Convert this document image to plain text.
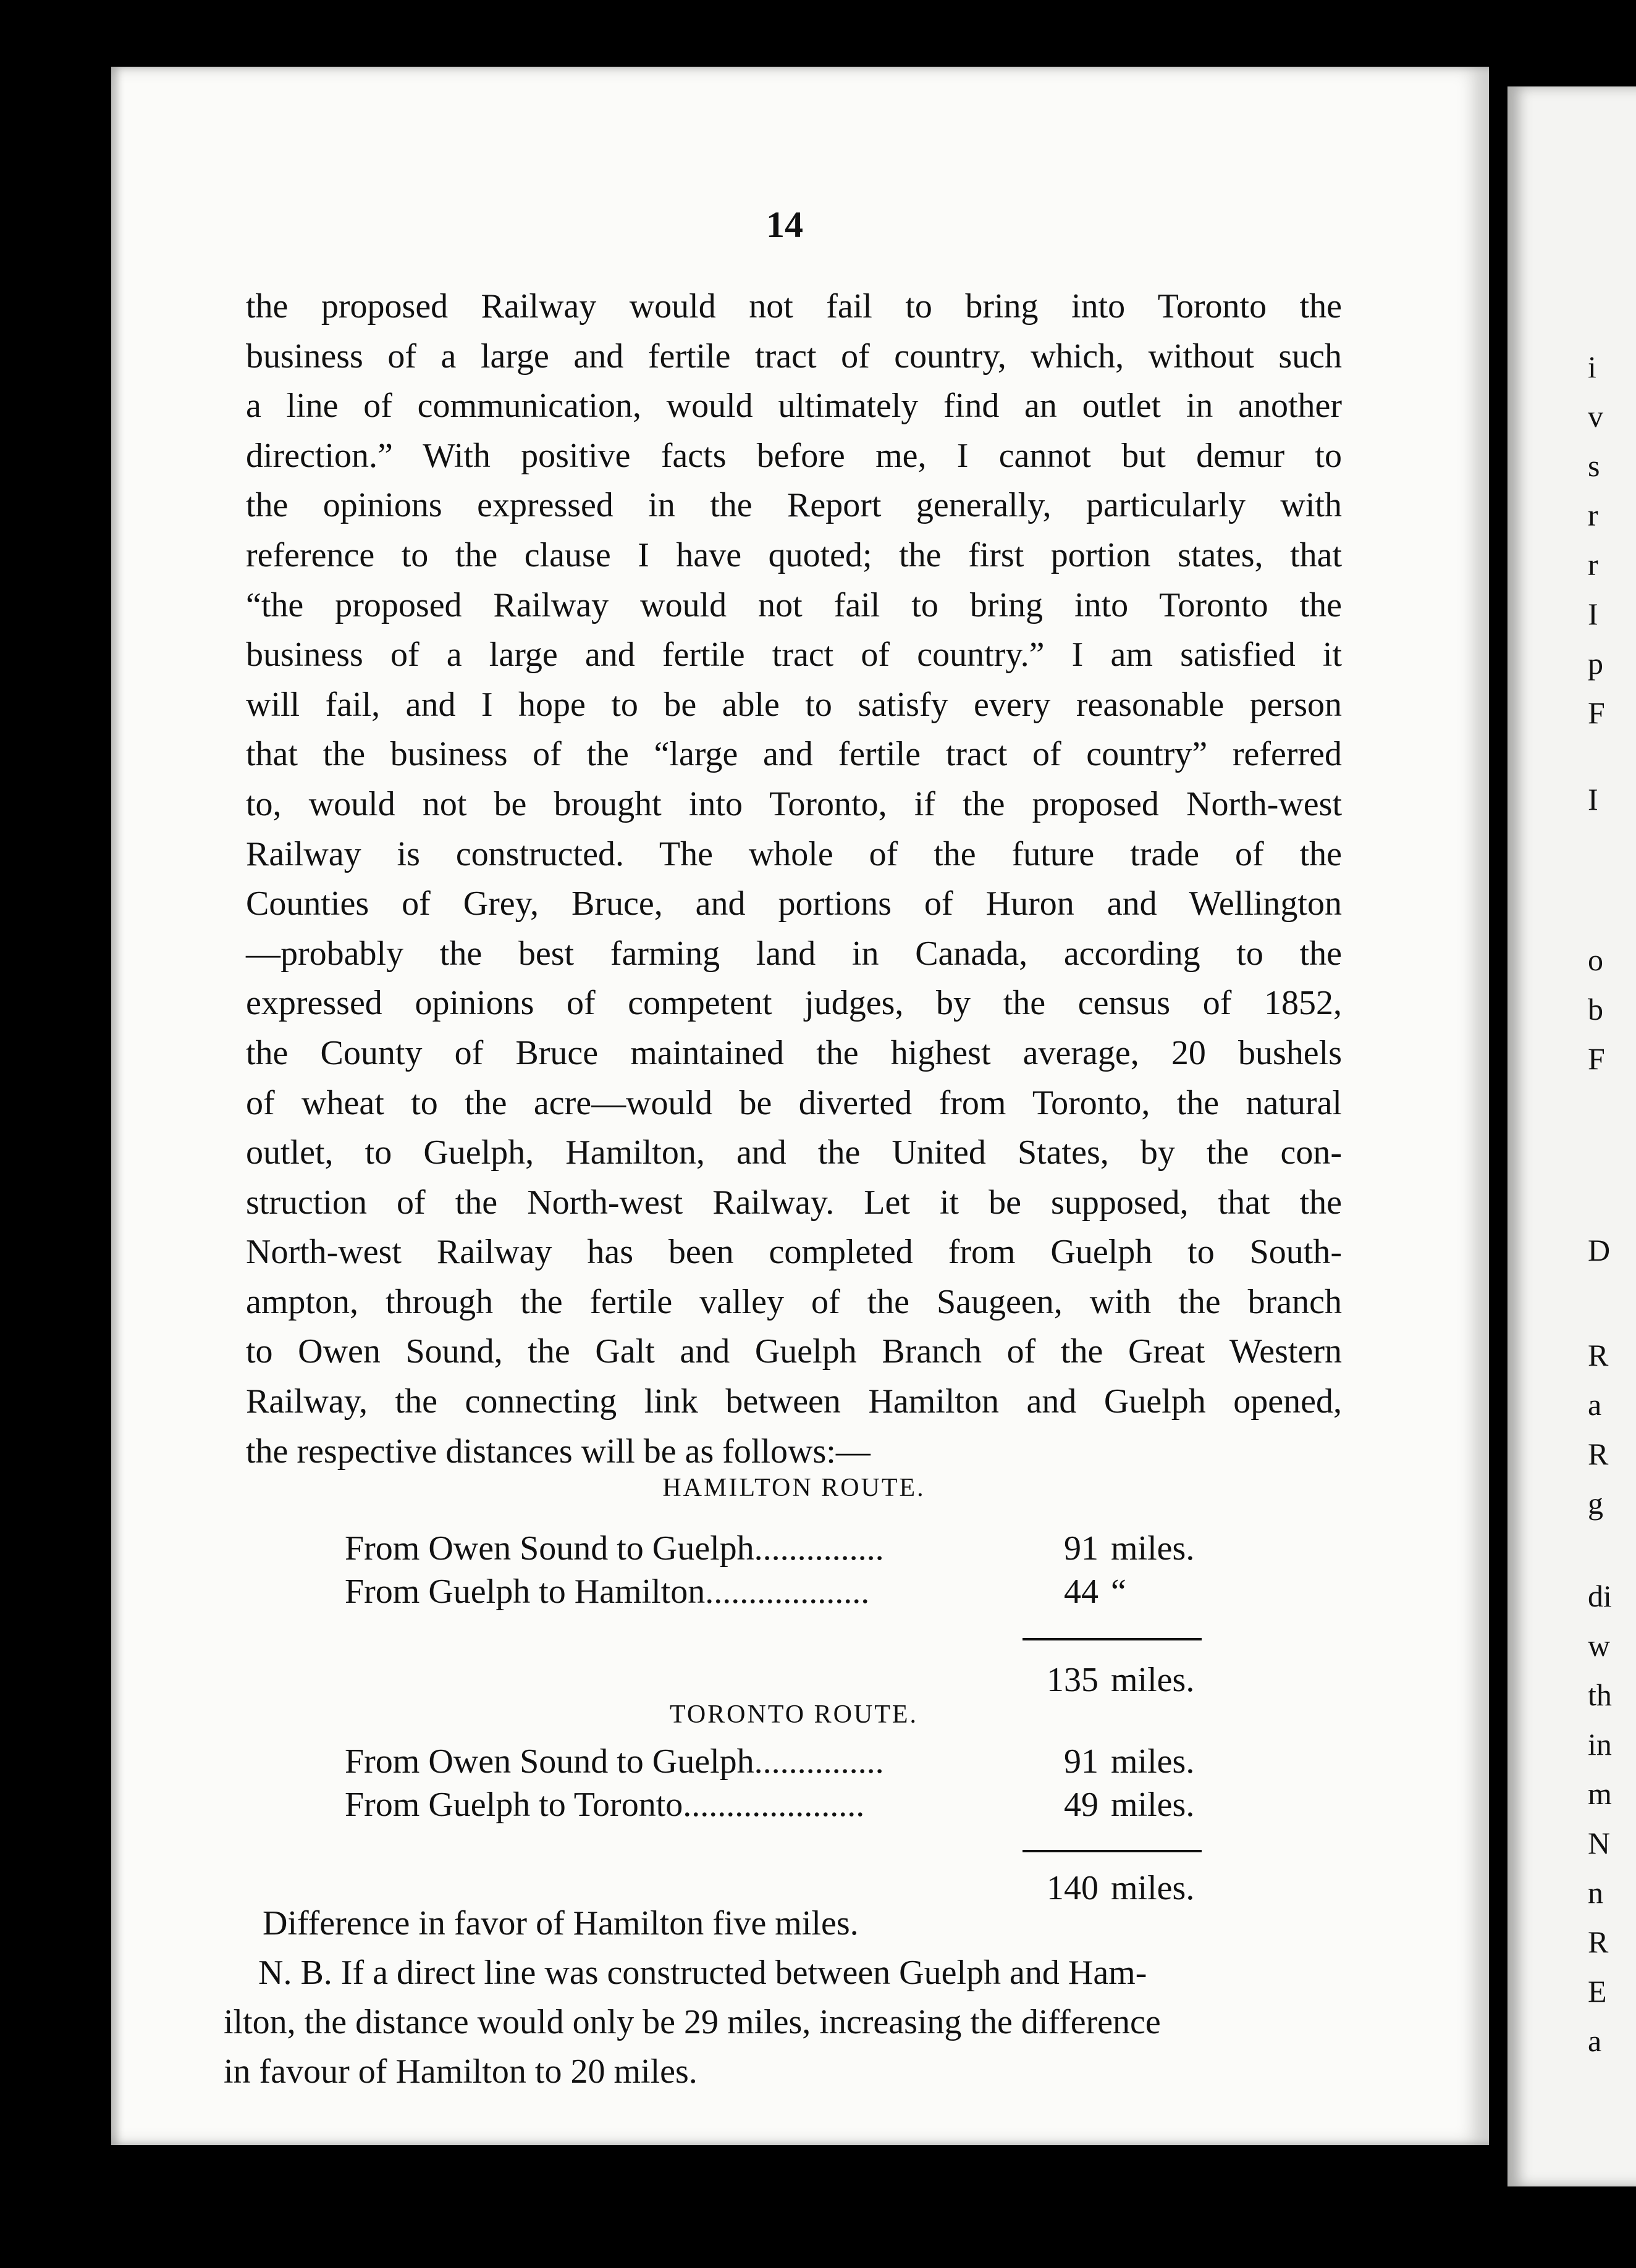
i
v
s
r
r
I
p
F
I
o
b
F
D
R
a
R
g
di
w
th
in
m
N
n
R
E
a
14
the proposed Railway would not fail to bring into Toronto the
business of a large and fertile tract of country, which, without such
a line of communication, would ultimately find an outlet in another
direction.” With positive facts before me, I cannot but demur to
the opinions expressed in the Report generally, particularly with
reference to the clause I have quoted; the first portion states, that
“the proposed Railway would not fail to bring into Toronto the
business of a large and fertile tract of country.” I am satisfied it
will fail, and I hope to be able to satisfy every reasonable person
that the business of the “large and fertile tract of country” referred
to, would not be brought into Toronto, if the proposed North-west
Railway is constructed. The whole of the future trade of the
Counties of Grey, Bruce, and portions of Huron and Wellington
—probably the best farming land in Canada, according to the
expressed opinions of competent judges, by the census of 1852,
the County of Bruce maintained the highest average, 20 bushels
of wheat to the acre—would be diverted from Toronto, the natural
outlet, to Guelph, Hamilton, and the United States, by the con-
struction of the North-west Railway. Let it be supposed, that the
North-west Railway has been completed from Guelph to South-
ampton, through the fertile valley of the Saugeen, with the branch
to Owen Sound, the Galt and Guelph Branch of the Great Western
Railway, the connecting link between Hamilton and Guelph opened,
the respective distances will be as follows:—
HAMILTON ROUTE.
From Owen Sound to Guelph...............	91 miles.
From Guelph to Hamilton...................	44 “
135 miles.
TORONTO ROUTE.
From Owen Sound to Guelph...............	91 miles.
From Guelph to Toronto.....................	49 miles.
140 miles.
Difference in favor of Hamilton five miles.
N. B. If a direct line was constructed between Guelph and Ham-
ilton, the distance would only be 29 miles, increasing the difference
in favour of Hamilton to 20 miles.
